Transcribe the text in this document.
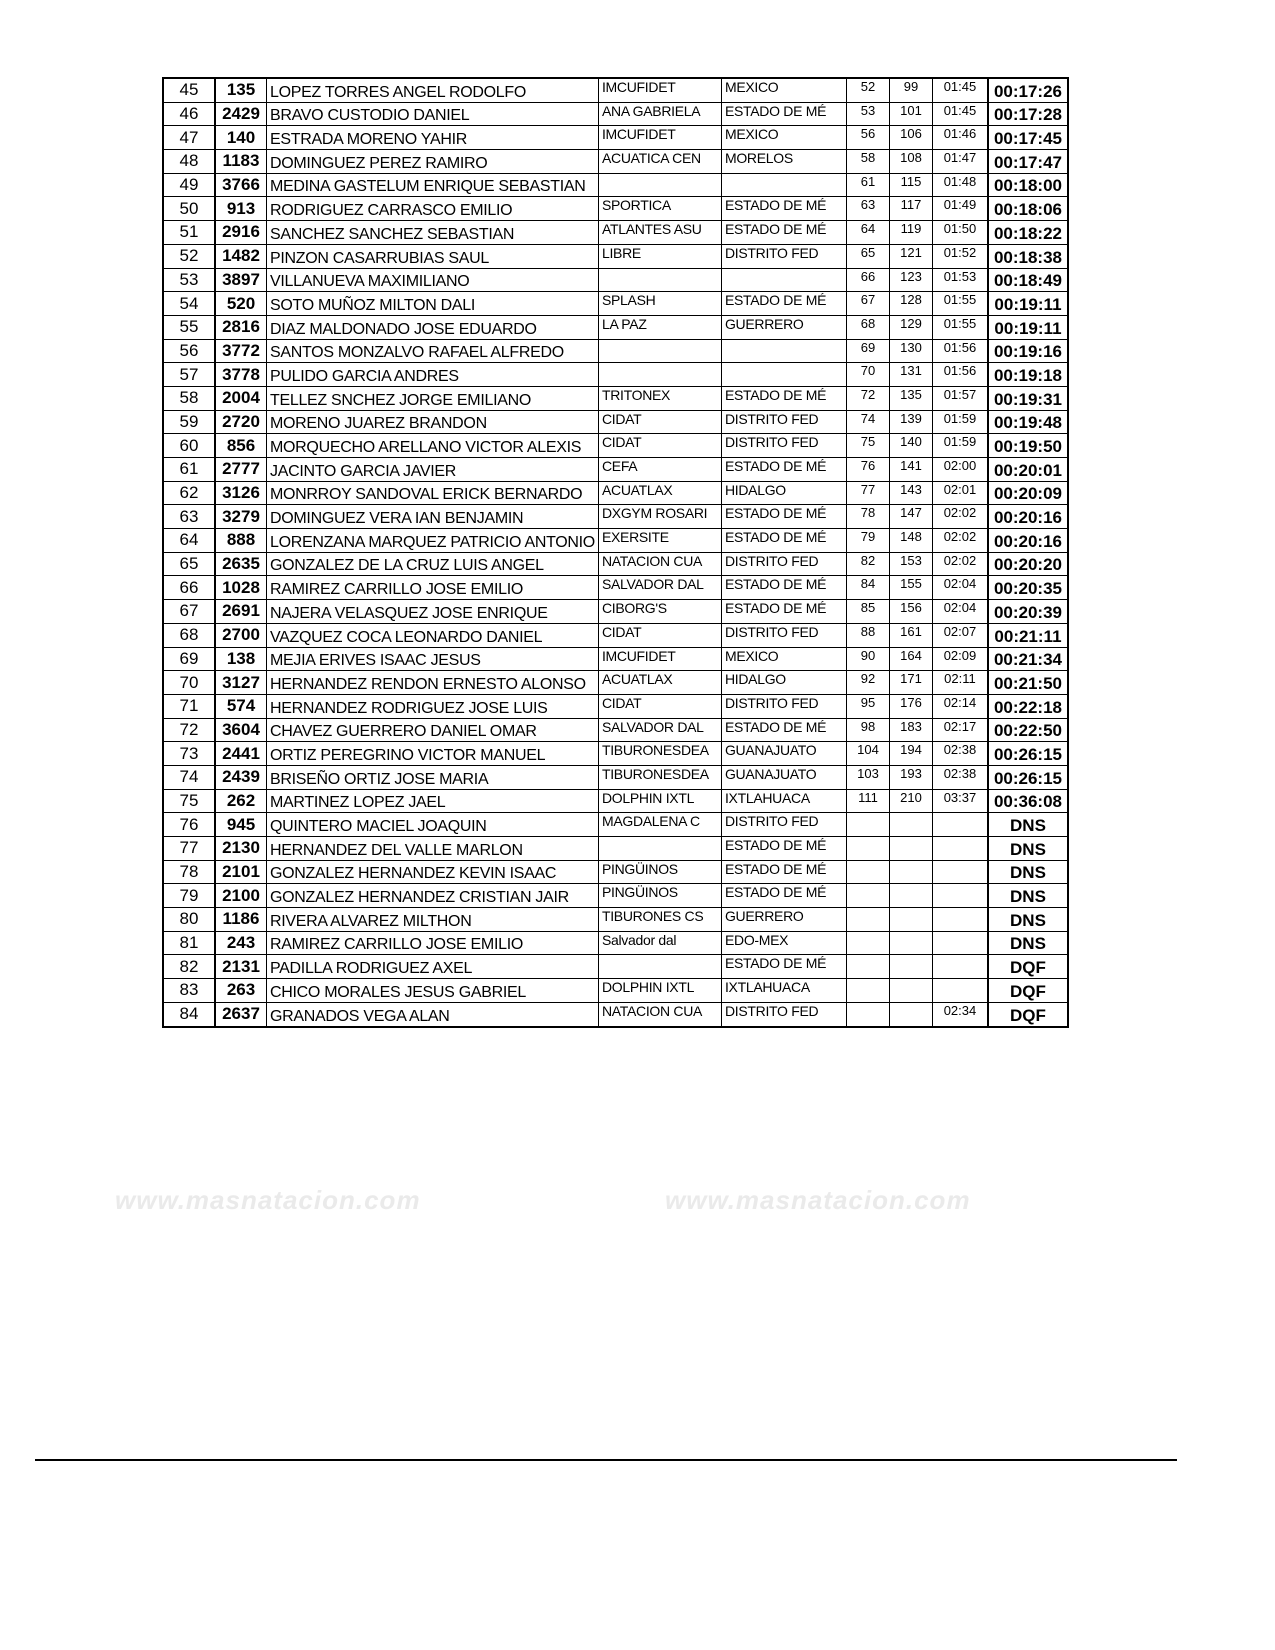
www.masnatacion.com	www.masnatacion.com
45	135	LOPEZ TORRES ANGEL RODOLFO	IMCUFIDET	MEXICO	52	99	01:45	00:17:26
46	2429	BRAVO CUSTODIO DANIEL	ANA GABRIELA	ESTADO DE MÉ	53	101	01:45	00:17:28
47	140	ESTRADA MORENO YAHIR	IMCUFIDET	MEXICO	56	106	01:46	00:17:45
48	1183	DOMINGUEZ PEREZ RAMIRO	ACUATICA CEN	MORELOS	58	108	01:47	00:17:47
49	3766	MEDINA GASTELUM ENRIQUE SEBASTIAN			61	115	01:48	00:18:00
50	913	RODRIGUEZ CARRASCO EMILIO	SPORTICA	ESTADO DE MÉ	63	117	01:49	00:18:06
51	2916	SANCHEZ SANCHEZ SEBASTIAN	ATLANTES ASU	ESTADO DE MÉ	64	119	01:50	00:18:22
52	1482	PINZON CASARRUBIAS SAUL	LIBRE	DISTRITO FED	65	121	01:52	00:18:38
53	3897	VILLANUEVA MAXIMILIANO			66	123	01:53	00:18:49
54	520	SOTO MUÑOZ MILTON DALI	SPLASH	ESTADO DE MÉ	67	128	01:55	00:19:11
55	2816	DIAZ MALDONADO JOSE EDUARDO	LA PAZ	GUERRERO	68	129	01:55	00:19:11
56	3772	SANTOS MONZALVO RAFAEL ALFREDO			69	130	01:56	00:19:16
57	3778	PULIDO GARCIA ANDRES			70	131	01:56	00:19:18
58	2004	TELLEZ SNCHEZ JORGE EMILIANO	TRITONEX	ESTADO DE MÉ	72	135	01:57	00:19:31
59	2720	MORENO JUAREZ BRANDON	CIDAT	DISTRITO FED	74	139	01:59	00:19:48
60	856	MORQUECHO ARELLANO VICTOR ALEXIS	CIDAT	DISTRITO FED	75	140	01:59	00:19:50
61	2777	JACINTO GARCIA JAVIER	CEFA	ESTADO DE MÉ	76	141	02:00	00:20:01
62	3126	MONRROY SANDOVAL ERICK BERNARDO	ACUATLAX	HIDALGO	77	143	02:01	00:20:09
63	3279	DOMINGUEZ VERA IAN BENJAMIN	DXGYM ROSARI	ESTADO DE MÉ	78	147	02:02	00:20:16
64	888	LORENZANA MARQUEZ PATRICIO ANTONIO	EXERSITE	ESTADO DE MÉ	79	148	02:02	00:20:16
65	2635	GONZALEZ DE LA CRUZ LUIS ANGEL	NATACION CUA	DISTRITO FED	82	153	02:02	00:20:20
66	1028	RAMIREZ CARRILLO JOSE EMILIO	SALVADOR DAL	ESTADO DE MÉ	84	155	02:04	00:20:35
67	2691	NAJERA VELASQUEZ JOSE ENRIQUE	CIBORG'S	ESTADO DE MÉ	85	156	02:04	00:20:39
68	2700	VAZQUEZ COCA LEONARDO DANIEL	CIDAT	DISTRITO FED	88	161	02:07	00:21:11
69	138	MEJIA ERIVES ISAAC JESUS	IMCUFIDET	MEXICO	90	164	02:09	00:21:34
70	3127	HERNANDEZ RENDON ERNESTO ALONSO	ACUATLAX	HIDALGO	92	171	02:11	00:21:50
71	574	HERNANDEZ RODRIGUEZ JOSE LUIS	CIDAT	DISTRITO FED	95	176	02:14	00:22:18
72	3604	CHAVEZ GUERRERO DANIEL OMAR	SALVADOR DAL	ESTADO DE MÉ	98	183	02:17	00:22:50
73	2441	ORTIZ PEREGRINO VICTOR MANUEL	TIBURONESDEA	GUANAJUATO	104	194	02:38	00:26:15
74	2439	BRISEÑO ORTIZ JOSE MARIA	TIBURONESDEA	GUANAJUATO	103	193	02:38	00:26:15
75	262	MARTINEZ LOPEZ JAEL	DOLPHIN IXTL	IXTLAHUACA	111	210	03:37	00:36:08
76	945	QUINTERO MACIEL JOAQUIN	MAGDALENA C	DISTRITO FED				DNS
77	2130	HERNANDEZ DEL VALLE MARLON		ESTADO DE MÉ				DNS
78	2101	GONZALEZ HERNANDEZ KEVIN ISAAC	PINGÜINOS	ESTADO DE MÉ				DNS
79	2100	GONZALEZ HERNANDEZ CRISTIAN JAIR	PINGÜINOS	ESTADO DE MÉ				DNS
80	1186	RIVERA ALVAREZ MILTHON	TIBURONES CS	GUERRERO				DNS
81	243	RAMIREZ CARRILLO JOSE EMILIO	Salvador dal	EDO-MEX				DNS
82	2131	PADILLA RODRIGUEZ AXEL		ESTADO DE MÉ				DQF
83	263	CHICO MORALES JESUS GABRIEL	DOLPHIN IXTL	IXTLAHUACA				DQF
84	2637	GRANADOS VEGA ALAN	NATACION CUA	DISTRITO FED			02:34	DQF
